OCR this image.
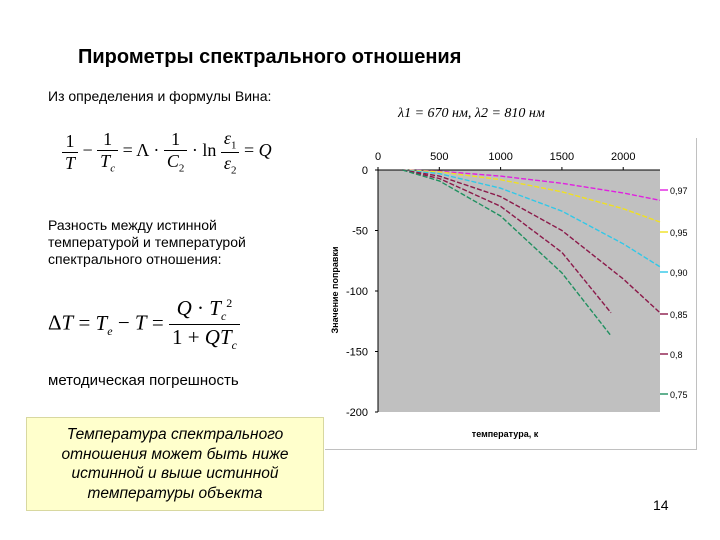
Пирометры спектрального отношения
Из определения и формулы Вина:
λ1 = 670 нм, λ2 = 810 нм
$\frac{1}{T} - \frac{1}{T_c} = \Lambda \cdot \frac{1}{C_2} \cdot \ln \frac{\varepsilon_1}{\varepsilon_2} = Q$
Разность между истинной
температурой и температурой
спектрального отношения:
$\Delta T = T_e - T = \frac{Q \cdot T_c^2}{1 + QT_c}$
методическая погрешность
Температура спектрального
отношения может быть ниже
истинной и выше истинной
температуры объекта
Значение поправки
температура, к
0	500	1000	1500	2000
0
-50
-100
-150
-200
0,97
0,95
0,90
0,85
0,8
0,75
14
